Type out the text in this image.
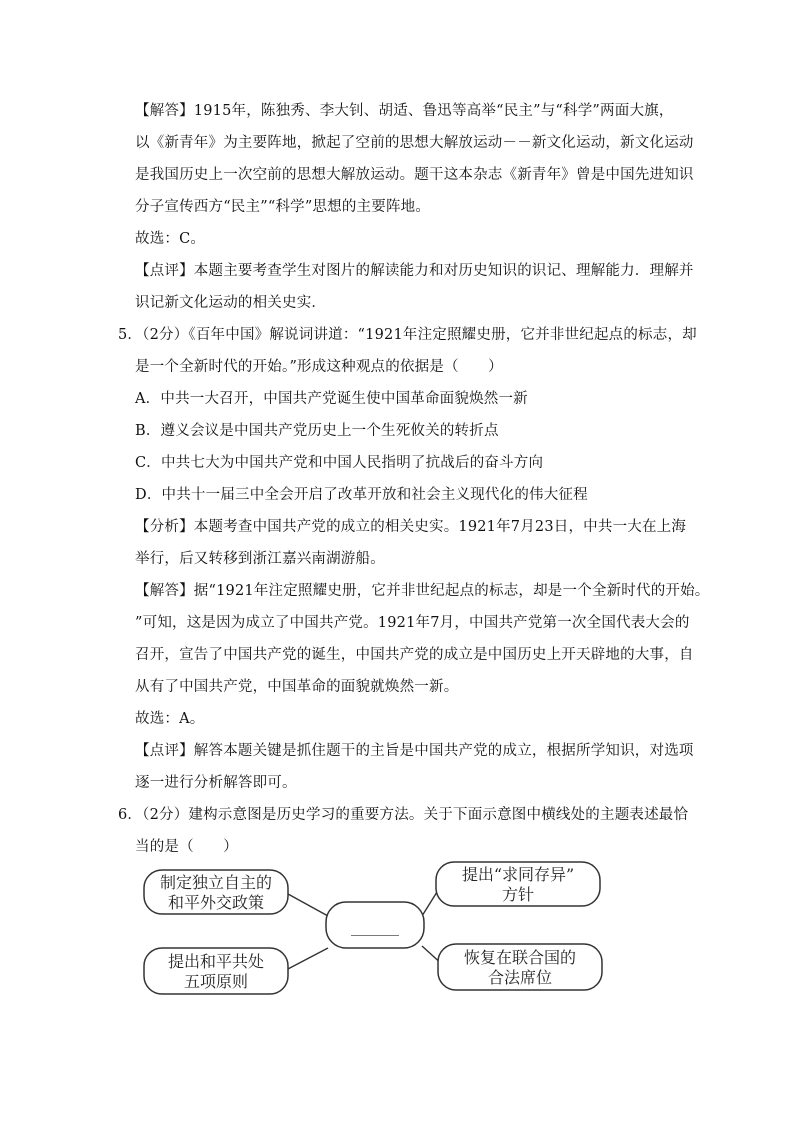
【解答】1915年，陈独秀、李大钊、胡适、鲁迅等高举“民主”与“科学”两面大旗，
以《新青年》为主要阵地，掀起了空前的思想大解放运动－－新文化运动，新文化运动
是我国历史上一次空前的思想大解放运动。题干这本杂志《新青年》曾是中国先进知识
分子宣传西方“民主”“科学”思想的主要阵地。
故选：C。
【点评】本题主要考查学生对图片的解读能力和对历史知识的识记、理解能力．理解并
识记新文化运动的相关史实．
5．（2分）《百年中国》解说词讲道：“1921年注定照耀史册，它并非世纪起点的标志，却
是一个全新时代的开始。”形成这种观点的依据是（　　）
A．中共一大召开，中国共产党诞生使中国革命面貌焕然一新
B．遵义会议是中国共产党历史上一个生死攸关的转折点
C．中共七大为中国共产党和中国人民指明了抗战后的奋斗方向
D．中共十一届三中全会开启了改革开放和社会主义现代化的伟大征程
【分析】本题考查中国共产党的成立的相关史实。1921年7月23日，中共一大在上海
举行，后又转移到浙江嘉兴南湖游船。
【解答】据“1921年注定照耀史册，它并非世纪起点的标志，却是一个全新时代的开始。
”可知，这是因为成立了中国共产党。1921年7月，中国共产党第一次全国代表大会的
召开，宣告了中国共产党的诞生，中国共产党的成立是中国历史上开天辟地的大事，自
从有了中国共产党，中国革命的面貌就焕然一新。
故选：A。
【点评】解答本题关键是抓住题干的主旨是中国共产党的成立，根据所学知识，对选项
逐一进行分析解答即可。
6．（2分）建构示意图是历史学习的重要方法。关于下面示意图中横线处的主题表述最恰
当的是（　　）
制定独立自主的
和平外交政策
提出和平共处
五项原则
提出“求同存异”
方针
恢复在联合国的
合法席位
______
